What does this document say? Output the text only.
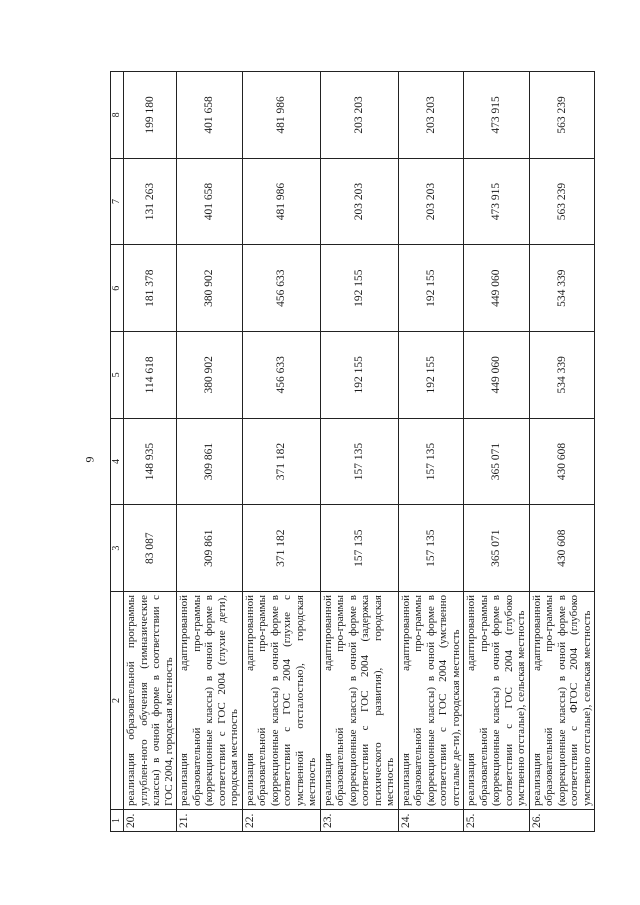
9
1	2	3	4	5	6	7	8
20.	реализация образовательной программы углублен-ного обучения (гимназические классы) в очной форме в соответствии с ГОС 2004, городская местность	83 087	148 935	114 618	181 378	131 263	199 180
21.	реализация адаптированной образовательной про-граммы (коррекционные классы) в очной форме в соответствии с ГОС 2004 (глухие дети), городская местность	309 861	309 861	380 902	380 902	401 658	401 658
22.	реализация адаптированной образовательной про-граммы (коррекционные классы) в очной форме в соответствии с ГОС 2004 (глухие с умственной отсталостью), городская местность	371 182	371 182	456 633	456 633	481 986	481 986
23.	реализация адаптированной образовательной про-граммы (коррекционные классы) в очной форме в соответствии с ГОС 2004 (задержка психического развития), городская местность	157 135	157 135	192 155	192 155	203 203	203 203
24.	реализация адаптированной образовательной про-граммы (коррекционные классы) в очной форме в соответствии с ГОС 2004 (умственно отсталые де-ти), городская местность	157 135	157 135	192 155	192 155	203 203	203 203
25.	реализация адаптированной образовательной про-граммы (коррекционные классы) в очной форме в соответствии с ГОС 2004 (глубоко умственно отсталые), сельская местность	365 071	365 071	449 060	449 060	473 915	473 915
26.	реализация адаптированной образовательной про-граммы (коррекционные классы) в очной форме в соответствии с ФГОС 2004 (глубоко умственно отсталые), сельская местность	430 608	430 608	534 339	534 339	563 239	563 239
